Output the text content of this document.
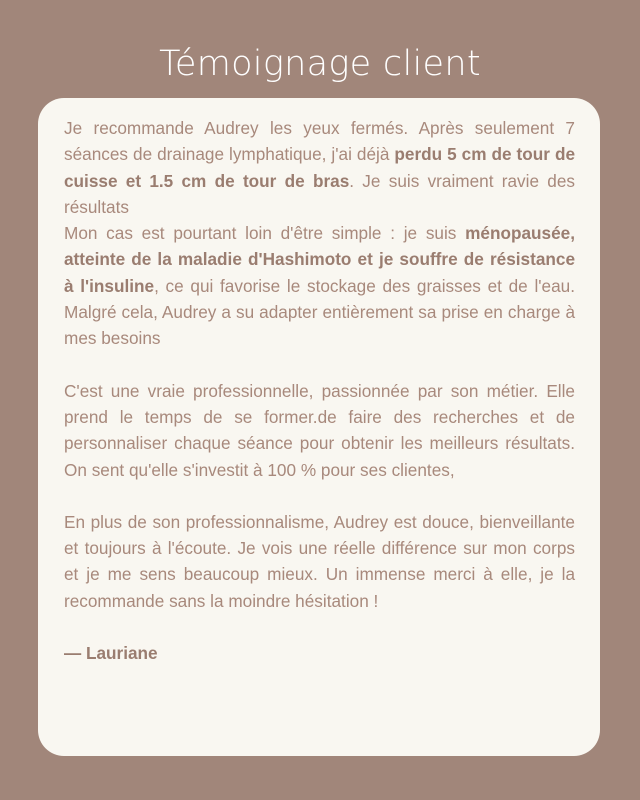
Témoignage client

Je recommande Audrey les yeux fermés. Après seulement 7 séances de drainage lymphatique, j'ai déjà perdu 5 cm de tour de cuisse et 1.5 cm de tour de bras. Je suis vraiment ravie des résultats

Mon cas est pourtant loin d'être simple : je suis ménopausée, atteinte de la maladie d'Hashimoto et je souffre de résistance à l'insuline, ce qui favorise le stockage des graisses et de l'eau. Malgré cela, Audrey a su adapter entièrement sa prise en charge à mes besoins

C'est une vraie professionnelle, passionnée par son métier. Elle prend le temps de se former.de faire des recherches et de personnaliser chaque séance pour obtenir les meilleurs résultats. On sent qu'elle s'investit à 100 % pour ses clientes,

En plus de son professionnalisme, Audrey est douce, bienveillante et toujours à l'écoute. Je vois une réelle différence sur mon corps et je me sens beaucoup mieux. Un immense merci à elle, je la recommande sans la moindre hésitation !

— Lauriane
